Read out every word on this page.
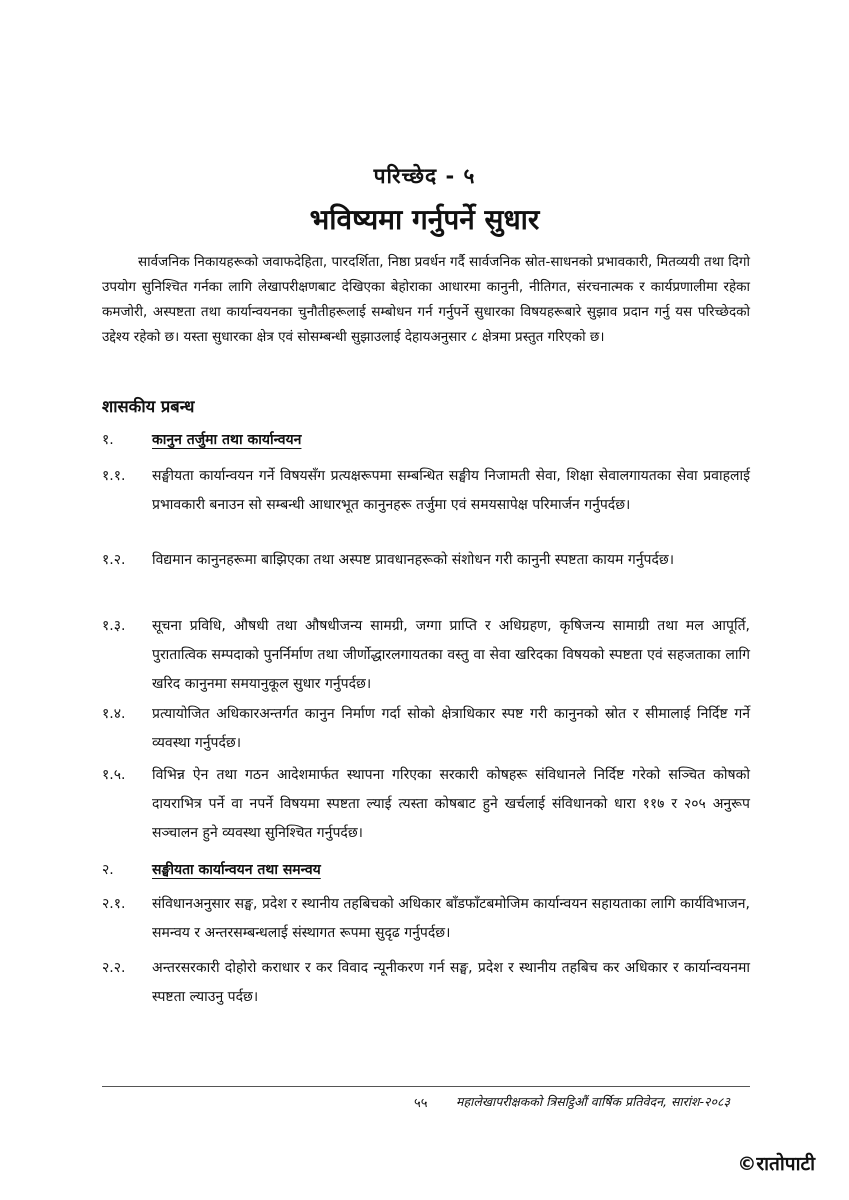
परिच्छेद - ५
भविष्यमा गर्नुपर्ने सुधार

सार्वजनिक निकायहरूको जवाफदेहिता, पारदर्शिता, निष्ठा प्रवर्धन गर्दै सार्वजनिक स्रोत-साधनको प्रभावकारी, मितव्ययी तथा दिगो उपयोग सुनिश्चित गर्नका लागि लेखापरीक्षणबाट देखिएका बेहोराका आधारमा कानुनी, नीतिगत, संरचनात्मक र कार्यप्रणालीमा रहेका कमजोरी, अस्पष्टता तथा कार्यान्वयनका चुनौतीहरूलाई सम्बोधन गर्न गर्नुपर्ने सुधारका विषयहरूबारे सुझाव प्रदान गर्नु यस परिच्छेदको उद्देश्य रहेको छ। यस्ता सुधारका क्षेत्र एवं सोसम्बन्धी सुझाउलाई देहायअनुसार ८ क्षेत्रमा प्रस्तुत गरिएको छ।

शासकीय प्रबन्ध
१.	कानुन तर्जुमा तथा कार्यान्वयन
१.१. सङ्घीयता कार्यान्वयन गर्ने विषयसँग प्रत्यक्षरूपमा सम्बन्धित सङ्घीय निजामती सेवा, शिक्षा सेवालगायतका सेवा प्रवाहलाई प्रभावकारी बनाउन सो सम्बन्धी आधारभूत कानुनहरू तर्जुमा एवं समयसापेक्ष परिमार्जन गर्नुपर्दछ।

१.२. विद्यमान कानुनहरूमा बाझिएका तथा अस्पष्ट प्रावधानहरूको संशोधन गरी कानुनी स्पष्टता कायम गर्नुपर्दछ।

१.३. सूचना प्रविधि, औषधी तथा औषधीजन्य सामग्री, जग्गा प्राप्ति र अधिग्रहण, कृषिजन्य सामाग्री तथा मल आपूर्ति, पुरातात्विक सम्पदाको पुनर्निर्माण तथा जीर्णोद्धारलगायतका वस्तु वा सेवा खरिदका विषयको स्पष्टता एवं सहजताका लागि खरिद कानुनमा समयानुकूल सुधार गर्नुपर्दछ।

१.४. प्रत्यायोजित अधिकारअन्तर्गत कानुन निर्माण गर्दा सोको क्षेत्राधिकार स्पष्ट गरी कानुनको स्रोत र सीमालाई निर्दिष्ट गर्ने व्यवस्था गर्नुपर्दछ।

१.५. विभिन्न ऐन तथा गठन आदेशमार्फत स्थापना गरिएका सरकारी कोषहरू संविधानले निर्दिष्ट गरेको सञ्चित कोषको दायराभित्र पर्ने वा नपर्ने विषयमा स्पष्टता ल्याई त्यस्ता कोषबाट हुने खर्चलाई संविधानको धारा ११७ र २०५ अनुरूप सञ्चालन हुने व्यवस्था सुनिश्चित गर्नुपर्दछ।

२.	सङ्घीयता कार्यान्वयन तथा समन्वय
२.१. संविधानअनुसार सङ्घ, प्रदेश र स्थानीय तहबिचको अधिकार बाँडफाँटबमोजिम कार्यान्वयन सहायताका लागि कार्यविभाजन, समन्वय र अन्तरसम्बन्धलाई संस्थागत रूपमा सुदृढ गर्नुपर्दछ।

२.२. अन्तरसरकारी दोहोरो कराधार र कर विवाद न्यूनीकरण गर्न सङ्घ, प्रदेश र स्थानीय तहबिच कर अधिकार र कार्यान्वयनमा स्पष्टता ल्याउनु पर्दछ।

५५ महालेखापरीक्षकको त्रिसट्ठिऔं वार्षिक प्रतिवेदन, सारांश-२०८३
©रातोपाटी
